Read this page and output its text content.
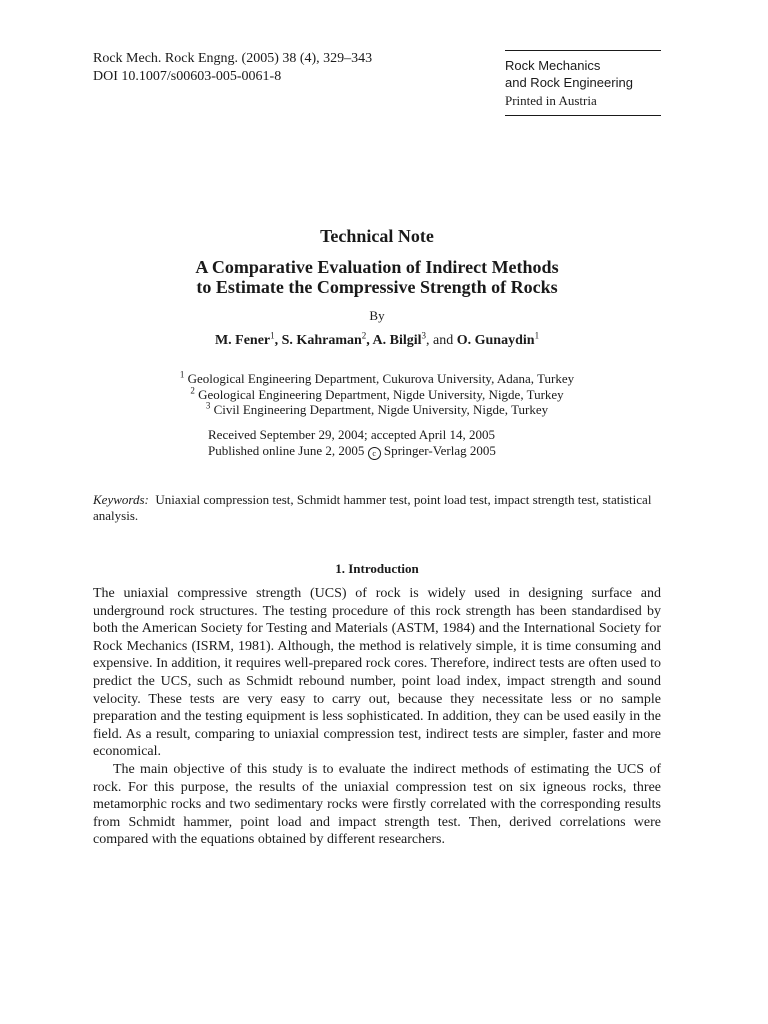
Rock Mech. Rock Engng. (2005) 38 (4), 329–343
DOI 10.1007/s00603-005-0061-8
Rock Mechanics
and Rock Engineering
Printed in Austria
Technical Note
A Comparative Evaluation of Indirect Methods
to Estimate the Compressive Strength of Rocks
By
M. Fener$^1$, S. Kahraman$^2$, A. Bilgil$^3$, and O. Gunaydin$^1$
$^1$ Geological Engineering Department, Cukurova University, Adana, Turkey
$^2$ Geological Engineering Department, Nigde University, Nigde, Turkey
$^3$ Civil Engineering Department, Nigde University, Nigde, Turkey
Received September 29, 2004; accepted April 14, 2005
Published online June 2, 2005 c Springer-Verlag 2005
Keywords: Uniaxial compression test, Schmidt hammer test, point load test, impact strength test, statistical analysis.
1. Introduction

The uniaxial compressive strength (UCS) of rock is widely used in designing surface and underground rock structures. The testing procedure of this rock strength has been standardised by both the American Society for Testing and Materials (ASTM, 1984) and the International Society for Rock Mechanics (ISRM, 1981). Although, the method is relatively simple, it is time consuming and expensive. In addition, it requires well-prepared rock cores. Therefore, indirect tests are often used to predict the UCS, such as Schmidt rebound number, point load index, impact strength and sound velocity. These tests are very easy to carry out, because they necessitate less or no sample preparation and the testing equipment is less sophisticated. In addition, they can be used easily in the field. As a result, comparing to uniaxial compression test, indirect tests are simpler, faster and more economical.

The main objective of this study is to evaluate the indirect methods of estimating the UCS of rock. For this purpose, the results of the uniaxial compression test on six igneous rocks, three metamorphic rocks and two sedimentary rocks were firstly correlated with the corresponding results from Schmidt hammer, point load and impact strength test. Then, derived correlations were compared with the equations obtained by different researchers.
